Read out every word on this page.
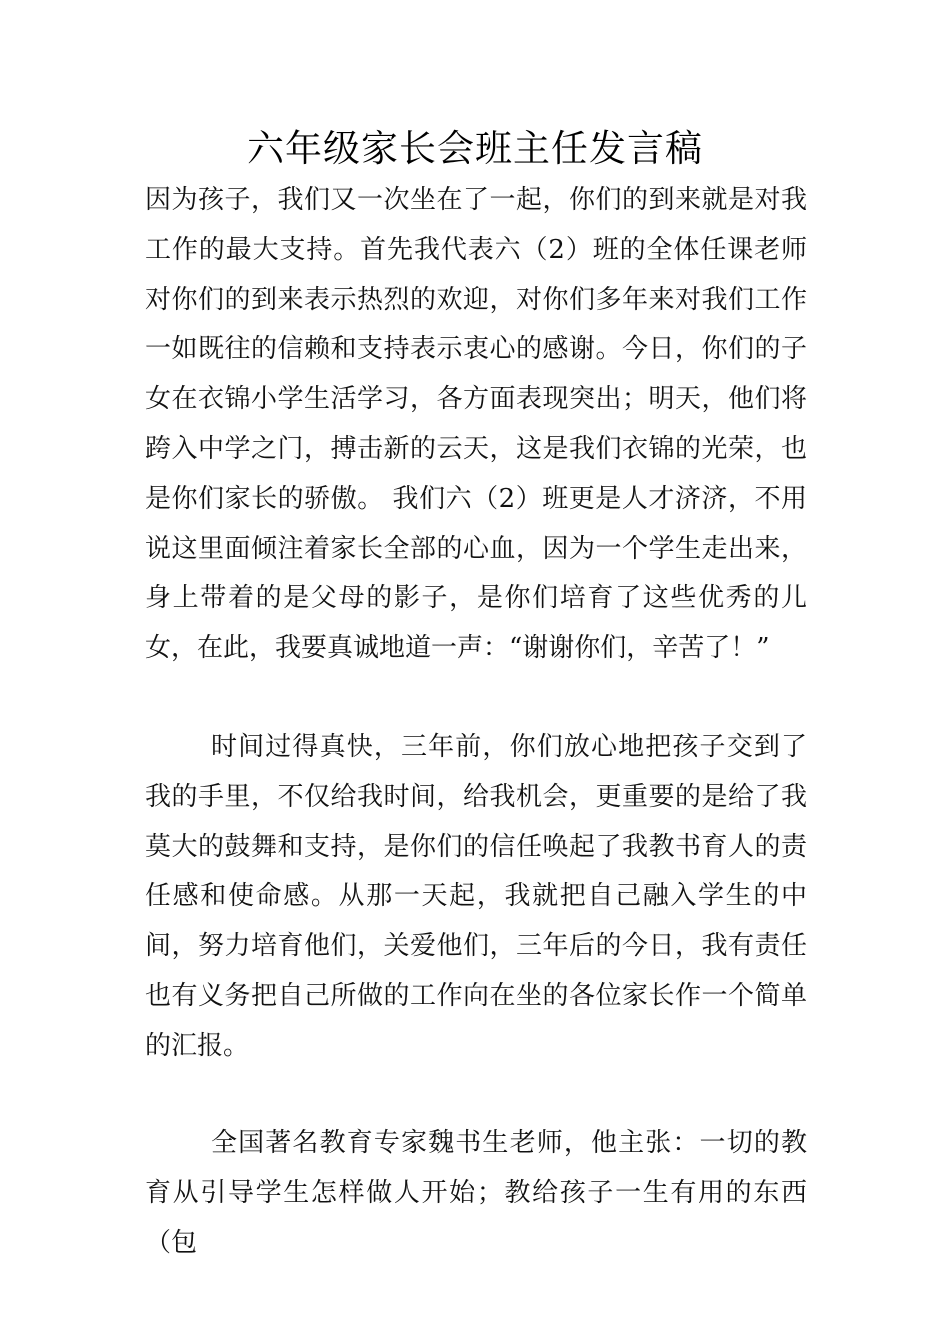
六年级家长会班主任发言稿

因为孩子，我们又一次坐在了一起，你们的到来就是对我工作的最大支持。首先我代表六（2）班的全体任课老师对你们的到来表示热烈的欢迎，对你们多年来对我们工作一如既往的信赖和支持表示衷心的感谢。今日，你们的子女在衣锦小学生活学习，各方面表现突出；明天，他们将跨入中学之门，搏击新的云天，这是我们衣锦的光荣，也是你们家长的骄傲。 我们六（2）班更是人才济济，不用说这里面倾注着家长全部的心血，因为一个学生走出来，身上带着的是父母的影子，是你们培育了这些优秀的儿女，在此，我要真诚地道一声：“谢谢你们，辛苦了！”

时间过得真快，三年前，你们放心地把孩子交到了我的手里，不仅给我时间，给我机会，更重要的是给了我莫大的鼓舞和支持，是你们的信任唤起了我教书育人的责任感和使命感。从那一天起，我就把自己融入学生的中间，努力培育他们，关爱他们，三年后的今日，我有责任也有义务把自己所做的工作向在坐的各位家长作一个简单的汇报。

全国著名教育专家魏书生老师，他主张：一切的教育从引导学生怎样做人开始；教给孩子一生有用的东西（包
